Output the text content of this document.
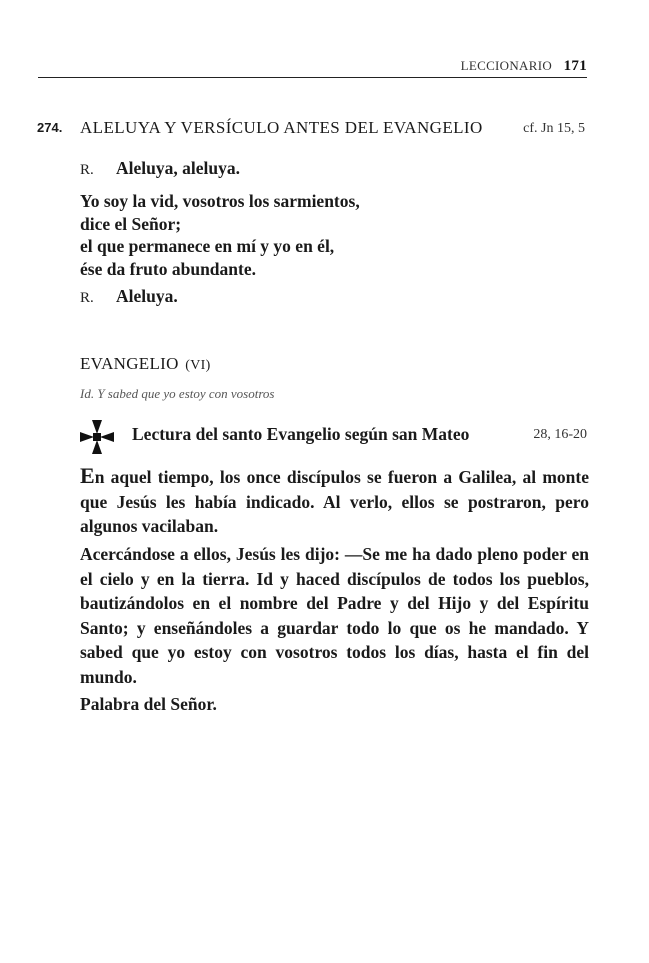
LECCIONARIO 171
274. ALELUYA Y VERSÍCULO ANTES DEL EVANGELIO	cf. Jn 15, 5
R. Aleluya, aleluya.
Yo soy la vid, vosotros los sarmientos,
dice el Señor;
el que permanece en mí y yo en él,
ése da fruto abundante.
R. Aleluya.
EVANGELIO (VI)
Id. Y sabed que yo estoy con vosotros
Lectura del santo Evangelio según san Mateo	28, 16-20
En aquel tiempo, los once discípulos se fueron a Galilea, al monte que Jesús les había indicado. Al verlo, ellos se postraron, pero algunos vacilaban.
Acercándose a ellos, Jesús les dijo: —Se me ha dado pleno poder en el cielo y en la tierra. Id y haced discípulos de todos los pueblos, bautizándolos en el nombre del Padre y del Hijo y del Espíritu Santo; y enseñándoles a guardar todo lo que os he mandado. Y sabed que yo estoy con vosotros todos los días, hasta el fin del mundo.
Palabra del Señor.
